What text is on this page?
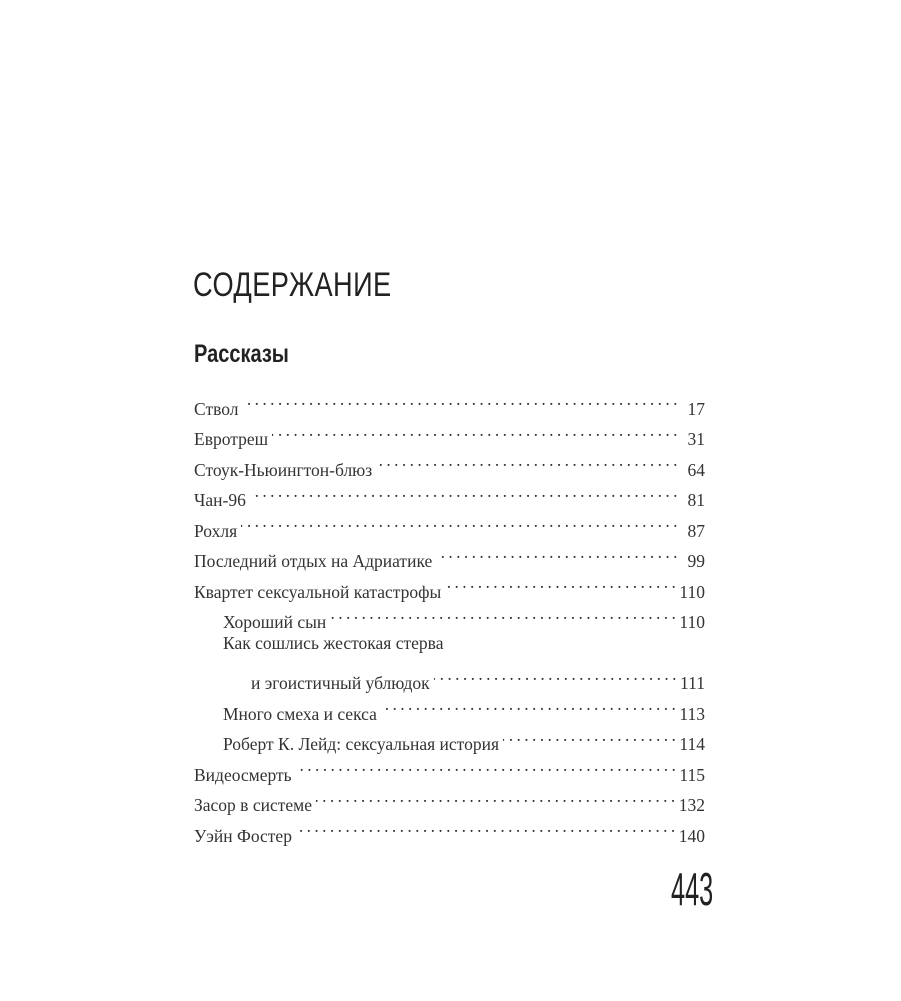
СОДЕРЖАНИЕ
Рассказы
Ствол . . .	17
Евротреш . . .	31
Стоук-Ньюингтон-блюз . . .	64
Чан-96 . . .	81
Рохля . . .	87
Последний отдых на Адриатике . . .	99
Квартет сексуальной катастрофы . . .	110
Хороший сын . . .	110
Как сошлись жестокая стерва
и эгоистичный ублюдок . . .	111
Много смеха и секса . . .	113
Роберт К. Лейд: сексуальная история . . .	114
Видеосмерть . . .	115
Засор в системе . . .	132
Уэйн Фостер . . .	140
443
